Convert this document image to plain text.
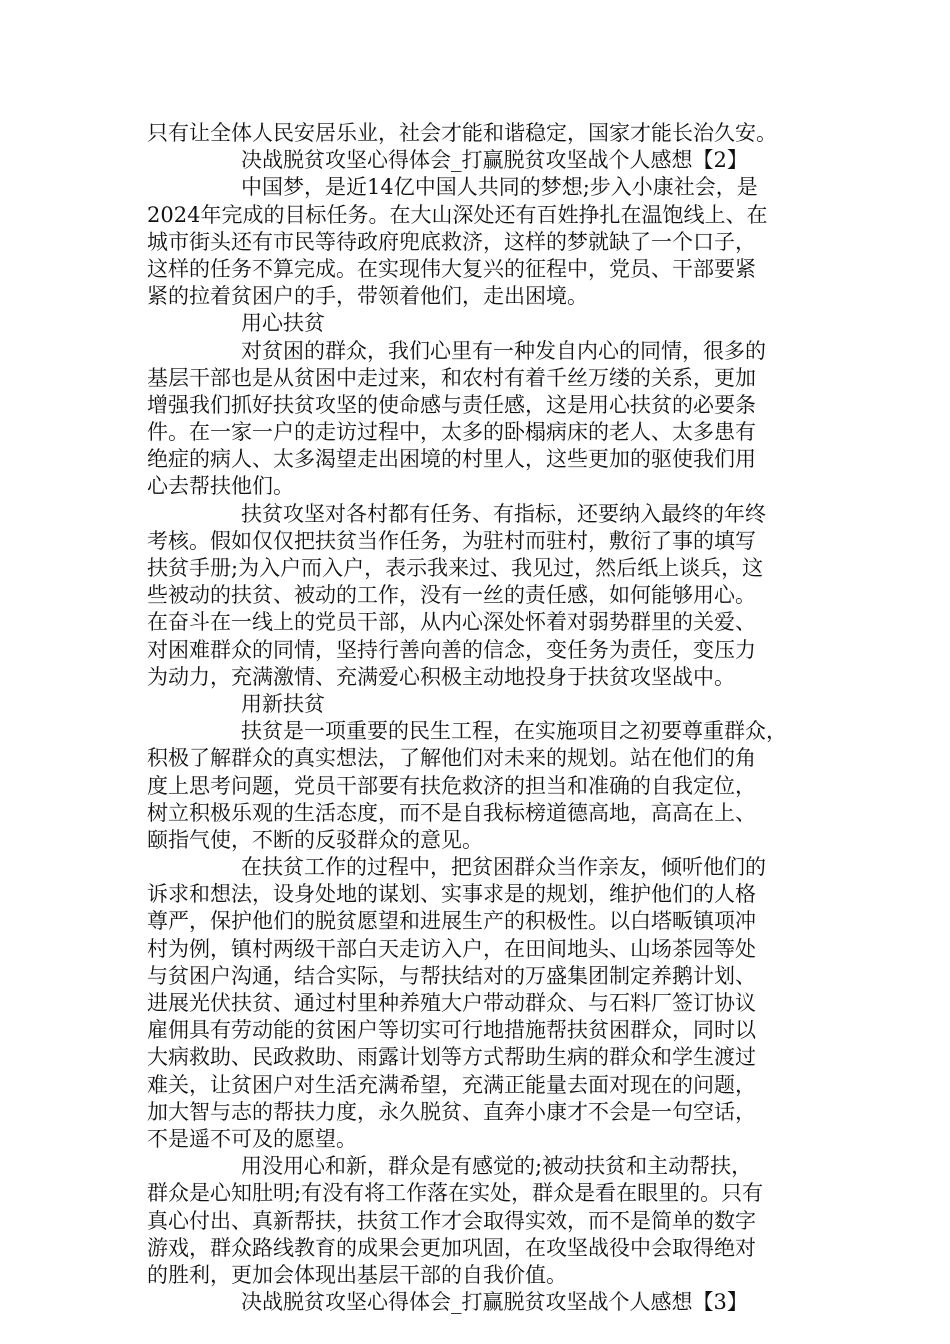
只有让全体人民安居乐业，社会才能和谐稳定，国家才能长治久安。
决战脱贫攻坚心得体会_打赢脱贫攻坚战个人感想【2】
中国梦，是近14亿中国人共同的梦想;步入小康社会，是
2024年完成的目标任务。在大山深处还有百姓挣扎在温饱线上、在
城市街头还有市民等待政府兜底救济，这样的梦就缺了一个口子，
这样的任务不算完成。在实现伟大复兴的征程中，党员、干部要紧
紧的拉着贫困户的手，带领着他们，走出困境。
用心扶贫
对贫困的群众，我们心里有一种发自内心的同情，很多的
基层干部也是从贫困中走过来，和农村有着千丝万缕的关系，更加
增强我们抓好扶贫攻坚的使命感与责任感，这是用心扶贫的必要条
件。在一家一户的走访过程中，太多的卧榻病床的老人、太多患有
绝症的病人、太多渴望走出困境的村里人，这些更加的驱使我们用
心去帮扶他们。
扶贫攻坚对各村都有任务、有指标，还要纳入最终的年终
考核。假如仅仅把扶贫当作任务，为驻村而驻村，敷衍了事的填写
扶贫手册;为入户而入户，表示我来过、我见过，然后纸上谈兵，这
些被动的扶贫、被动的工作，没有一丝的责任感，如何能够用心。
在奋斗在一线上的党员干部，从内心深处怀着对弱势群里的关爱、
对困难群众的同情，坚持行善向善的信念，变任务为责任，变压力
为动力，充满激情、充满爱心积极主动地投身于扶贫攻坚战中。
用新扶贫
扶贫是一项重要的民生工程，在实施项目之初要尊重群众，
积极了解群众的真实想法，了解他们对未来的规划。站在他们的角
度上思考问题，党员干部要有扶危救济的担当和准确的自我定位，
树立积极乐观的生活态度，而不是自我标榜道德高地，高高在上、
颐指气使，不断的反驳群众的意见。
在扶贫工作的过程中，把贫困群众当作亲友，倾听他们的
诉求和想法，设身处地的谋划、实事求是的规划，维护他们的人格
尊严，保护他们的脱贫愿望和进展生产的积极性。以白塔畈镇项冲
村为例，镇村两级干部白天走访入户，在田间地头、山场茶园等处
与贫困户沟通，结合实际，与帮扶结对的万盛集团制定养鹅计划、
进展光伏扶贫、通过村里种养殖大户带动群众、与石料厂签订协议
雇佣具有劳动能的贫困户等切实可行地措施帮扶贫困群众，同时以
大病救助、民政救助、雨露计划等方式帮助生病的群众和学生渡过
难关，让贫困户对生活充满希望，充满正能量去面对现在的问题，
加大智与志的帮扶力度，永久脱贫、直奔小康才不会是一句空话，
不是遥不可及的愿望。
用没用心和新，群众是有感觉的;被动扶贫和主动帮扶，
群众是心知肚明;有没有将工作落在实处，群众是看在眼里的。只有
真心付出、真新帮扶，扶贫工作才会取得实效，而不是简单的数字
游戏，群众路线教育的成果会更加巩固，在攻坚战役中会取得绝对
的胜利，更加会体现出基层干部的自我价值。
决战脱贫攻坚心得体会_打赢脱贫攻坚战个人感想【3】
